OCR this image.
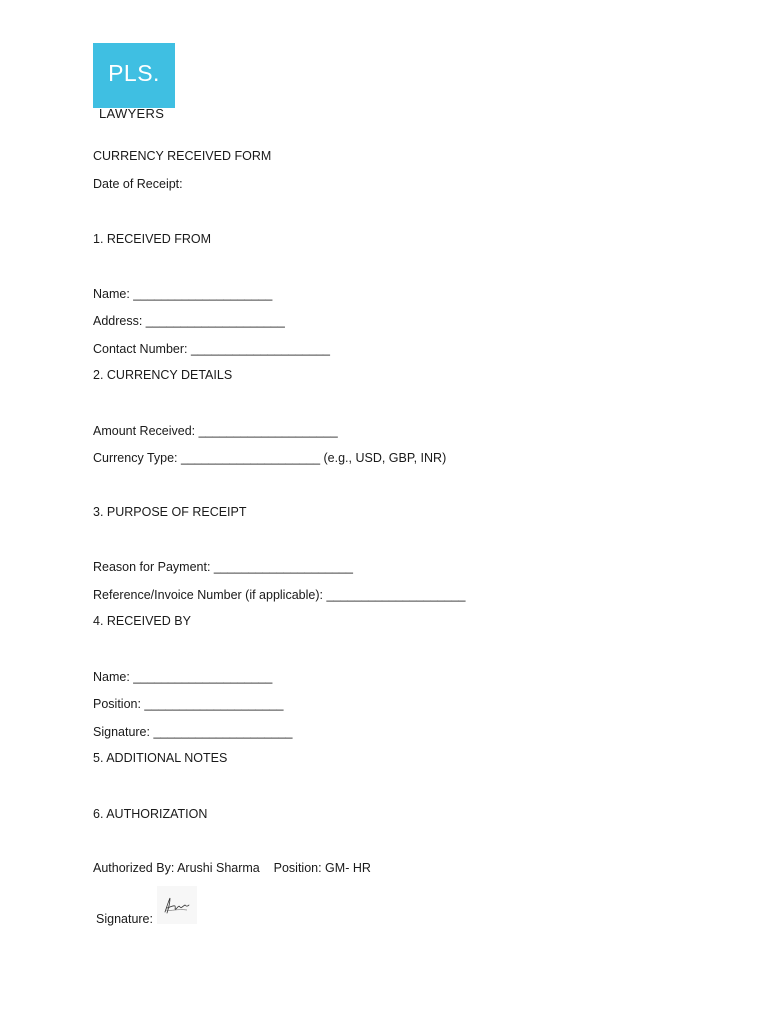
PLS.
LAWYERS
CURRENCY RECEIVED FORM
Date of Receipt:
1. RECEIVED FROM
Name: ____________________
Address: ____________________
Contact Number: ____________________
2. CURRENCY DETAILS
Amount Received: ____________________
Currency Type: ____________________ (e.g., USD, GBP, INR)
3. PURPOSE OF RECEIPT
Reason for Payment: ____________________
Reference/Invoice Number (if applicable): ____________________
4. RECEIVED BY
Name: ____________________
Position: ____________________
Signature: ____________________
5. ADDITIONAL NOTES
6. AUTHORIZATION
Authorized By: Arushi Sharma    Position: GM- HR
Signature:
